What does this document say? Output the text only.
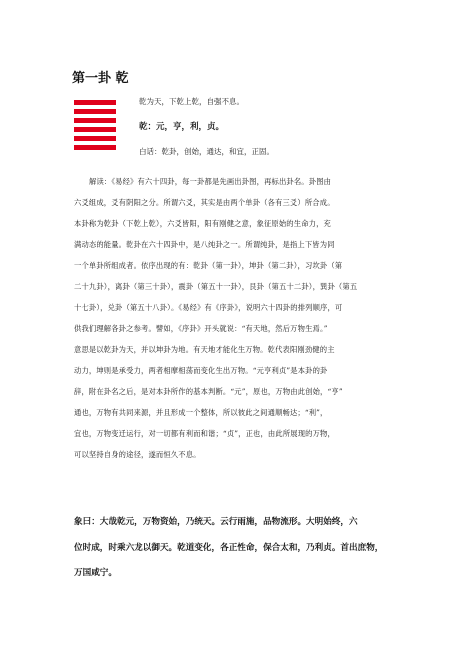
第一卦 乾
乾为天，下乾上乾，自强不息。
乾：元，亨，利，贞。
白话：乾卦，创始，通达，和宜，正固。
解读：《易经》有六十四卦，每一卦都是先画出卦图，再标出卦名。卦图由
六爻组成，爻有阴阳之分。所谓六爻，其实是由两个单卦（各有三爻）所合成。
本卦称为乾卦（下乾上乾），六爻皆阳，阳有刚健之意，象征原始的生命力，充
满动态的能量。乾卦在六十四卦中，是八纯卦之一。所谓纯卦，是指上下皆为同
一个单卦所组成者。依序出现的有：乾卦（第一卦），坤卦（第二卦），习坎卦（第
二十九卦），离卦（第三十卦），震卦（第五十一卦），艮卦（第五十二卦），巽卦（第五
十七卦），兑卦（第五十八卦）。《易经》有《序卦》，说明六十四卦的排列顺序，可
供我们理解各卦之参考。譬如，《序卦》开头就说：“有天地，然后万物生焉。”
意思是以乾卦为天，并以坤卦为地。有天地才能化生万物。乾代表阳刚劲健的主
动力，坤则是承受力，两者相摩相荡而变化生出万物。“元亨利贞”是本卦的卦
辞，附在卦名之后，是对本卦所作的基本判断。“元”，原也，万物由此创始，“亨”
通也，万物有共同来源，并且形成一个整体，所以彼此之间通顺畅达；“利”，
宜也，万物变迁运行，对一切都有利而和谐；“贞”，正也，由此所展现的万物，
可以坚持自身的途径，遂而恒久不息。
象曰：大哉乾元，万物资始，乃统天。云行雨施，品物流形。大明始终，六
位时成，时乘六龙以御天。乾道变化，各正性命，保合太和，乃利贞。首出庶物，
万国咸宁。
